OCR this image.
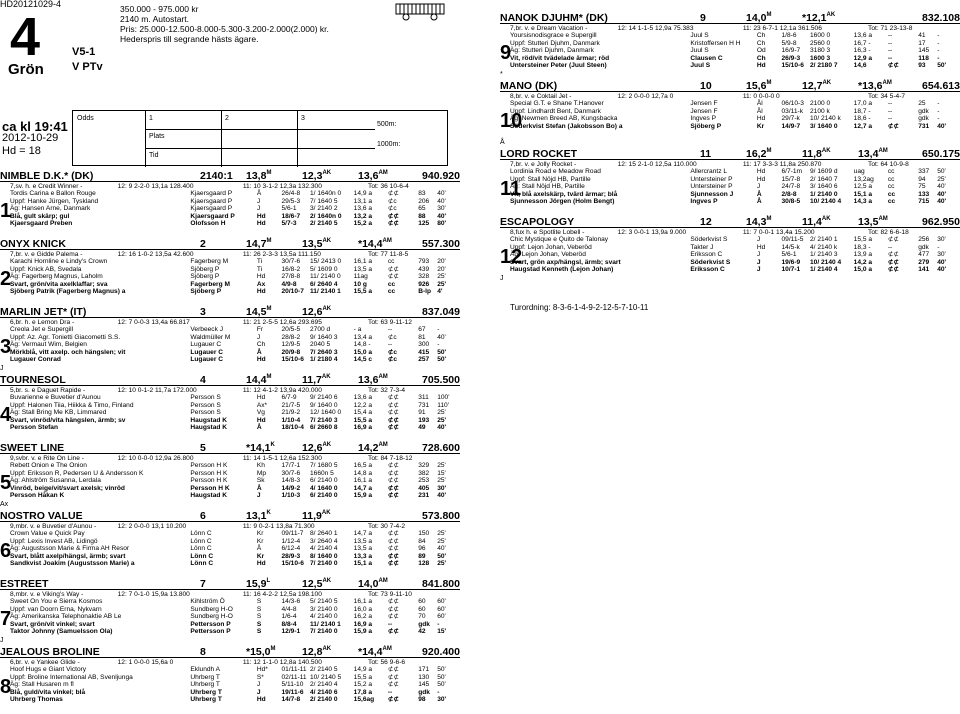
HD20121029-4
4
Grön
V5-1
V PTv
350.000 - 975.000 kr
2140 m. Autostart.
Pris: 25.000-12.500-8.000-5.300-3.200-2.000(2.000) kr.
Hederspris till segrande hästs ägare.
ca kl 19:41
2012-10-29
Hd = 18
Odds	1	2	3
Plats
Tid
500m:
1000m:
NIMBLE D.K.* (DK)	2140:1	13,8M	12,3AK	13,6AM	940.920
1
7,sv. h. e Credit Winner -	12: 9 2-2-0 13,1a 128.400	11: 10 3-1-2 12,3a 132.300	Tot: 36 10-6-4
Tordis Carina e Ballon Rouge	Kjaersgaard P	Å	26/4-8	1/ 1640n 0	14,9 a	⊄⊄	83	40'
Uppf: Hanke Jürgen, Tyskland	Kjaersgaard P	J	29/5-3	7/ 1640 5	13,1 a	⊄c	206	40'
Äg: Hansen Arne, Danmark	Kjaersgaard P	J	5/6-1	3/ 2140 2	13,6 a	⊄c	65	30'
Blå, gult skärp; gul	Kjaersgaard P	Hd	18/6-7	2/ 1640n 0	13,2 a	⊄⊄	88	40'
Kjaersgaard Preben	Olofsson H	Hd	5/7-3	2/ 2140 5	15,2 a	⊄⊄	125	80'
ONYX KNICK	2	14,7M	13,5AK	*14,4AM	557.300
2
7,br. v. e Gidde Palema -	12: 16 1-0-2 13,5a 42.600	11: 26 2-3-3 13,5a 111.150	Tot: 77 11-8-5
Karachi Hornline e Lindy's Crown	Fagerberg M	Ti	30/7-6	15/ 2413 0	16,1 a	cc	793	20'
Uppf: Knick AB, Svedala	Sjöberg P	Ti	16/8-2	5/ 1609 0	13,5 a	⊄⊄	439	20'
Äg: Fagerberg Magnus, Laholm	Sjöberg P	Hd	27/8-8	11/ 2140 0	11ag	⊄⊄	328	25'
Svart, grön/vita axelklaffar; sva	Fagerberg M	Ax	4/9-8	6/ 2640 4	10 g	cc	926	25'
Sjöberg Patrik (Fagerberg Magnus) a	Sjöberg P	Hd	20/10-7 11/ 2140 1	15,5 a	cc	B-lp 4'
MARLIN JET* (IT)	3	14,5M	12,6AK	837.049
3
J
6,br. h. e Lemon Dra -	12: 7 0-0-3 13,4a 66.817	11: 21 2-5-5 12,6a 293.695	Tot: 63 9-11-12
Creola Jet e Supergill	Verbeeck J	Fr	20/5-5	2700 d	- a	--	67	-
Uppf: Az. Agr. Tonietti Giacometti S.S.	Waldmüller M	J	28/8-2	9/ 1640 3	13,4 a	⊄c	81	40'
Äg: Vermaut Wim, Belgien	Lugauer C	Ch	12/9-5	2040 5	14,8 -	--	300	-
Mörkblå, vitt axelp. och hängslen; vit	Lugauer C	Å	20/9-8	7/ 2640 3	15,0 a	⊄c	415	50'
Lugauer Conrad	Lugauer C	Hd	15/10-6 1/ 2180 4	14,5 c	⊄c	257	50'
TOURNESOL	4	14,4M	11,7AK	13,6AM	705.500
4
5,br. s. e Daguet Rapide -	12: 10 0-1-2 11,7a 172.000	11: 12 4-1-2 13,9a 420.000	Tot: 32 7-3-4
Buvarienne e Buvetier d'Aunou	Persson S	Hd	6/7-9	9/ 2140 6	13,6 a	⊄⊄	311	100'
Uppf: Halonen Tiia, Hiikka & Timo, Finland	Persson S	Ax*	21/7-5	9/ 1640 0	12,2 a	⊄⊄	731	110'
Äg: Stall Bring Me KB, Limmared	Persson S	Vg	21/9-2	12/ 1640 0	15,4 a	⊄⊄	91	25'
Svart, vinröd/vita hängslen, ärmb; sv	Haugstad K	Hd	1/10-4	7/ 2140 3	15,5 a	⊄⊄	193	25'
Persson Stefan	Haugstad K	Å	18/10-4 6/ 2660 8	16,9 a	⊄⊄	49	40'
SWEET LINE	5	*14,1K	12,6AK	14,2AM	728.600
5
Ax
9,svbr. v. e Rite On Line -	12: 10 0-0-0 12,9a 26.800	11: 14 1-5-1 12,6a 152.300	Tot: 84 7-18-12
Rebett Onion e The Onion	Persson H K	Kh	17/7-1	7/ 1680 5	16,5 a	⊄⊄	329	25'
Uppf: Eriksson R, Pedersen U & Andersson K	Persson H K	Mp	30/7-6	1660n 5	14,8 a	⊄⊄	382	15'
Äg: Ahlström Susanna, Lerdala	Persson H K	Sk	14/8-3	6/ 2140 0	16,1 a	⊄⊄	253	25'
Vinröd, beige/vit/svart axelsk; vinröd	Persson H K	Å	14/9-2	4/ 1640 0	14,7 a	⊄⊄	405	30'
Persson Håkan K	Haugstad K	J	1/10-3	6/ 2140 0	15,9 a	⊄⊄	231	40'
NOSTRO VALUE	6	13,1K	11,9AK	573.800
6
9,mbr. v. e Buvetier d'Aunou -	12: 2 0-0-0 13,1 10.200	11: 9 0-2-1 13,8a 71.300	Tot: 30 7-4-2
Crown Value e Quick Pay	Lönn C	Kr	09/11-7	8/ 2640 1	14,7 a	⊄⊄	150	25'
Uppf: Lexis Invest AB, Lidingö	Lönn C	Kr	1/12-4	3/ 2640 4	13,5 a	⊄⊄	84	25'
Äg: Augustsson Marie & Firma AH Resor	Lönn C	Å	6/12-4	4/ 2140 4	13,5 a	⊄⊄	96	40'
Svart, blått axelp/hängsl, ärmb; svart	Lönn C	Kr	28/9-3	8/ 1640 0	13,3 a	⊄⊄	89	50'
Sandkvist Joakim (Augustsson Marie) a	Lönn C	Hd	15/10-6 7/ 2140 0	15,1 a	⊄⊄	128	25'
ESTREET	7	15,9L	12,5AK	14,0AM	841.800
7
J
8,mbr. v. e Viking's Way -	12: 7 0-1-0 15,9a 13.800	11: 16 4-2-2 12,5a 198.100	Tot: 73 9-11-10
Sweet On You e Sierra Kosmos	Kihlström Ö	S	14/3-6	5/ 2140 5	16,1 a	⊄⊄	60	60'
Uppf: van Doorn Erna, Nykvarn	Sundberg H-O	S	4/4-8	3/ 2140 0	16,0 a	⊄⊄	60	60'
Äg: Amerikanska Telephonaktie AB Le	Sundberg H-O	S	1/6-4	4/ 2140 0	16,2 a	⊄⊄	70	60'
Svart, grön/vit vinkel; svart	Pettersson P	S	8/8-4	11/ 2140 1	16,9 a	--	gdk	-
Taktor Johnny (Samuelsson Ola)	Pettersson P	S	12/9-1	7/ 2140 0	15,9 a	⊄⊄	42	15'
JEALOUS BROLINE	8	*15,0M	12,8AK	*14,4AM	920.400
8
6,br. v. e Yankee Glide -	12: 1 0-0-0 15,6a 0	11: 12 1-1-0 12,8a 140.500	Tot: 56 9-6-6
Hoof Hugs e Giant Victory	Eklundh A	Hd*	01/11-11 2/ 2140 5	14,9 a	⊄⊄	171	50'
Uppf: Broline International AB, Svenljunga	Uhrberg T	S*	02/11-11 10/ 2140 5	15,5 a	⊄⊄	130	50'
Äg: Stall Husaren m fl	Uhrberg T	J	5/11-10	2/ 2140 4	15,2 a	⊄⊄	145	50'
Blå, guld/vita vinkel; blå	Uhrberg T	J	19/11-6 4/ 2140 6	17,8 a	--	gdk	-
Uhrberg Thomas	Uhrberg T	Hd	14/7-8	2/ 2140 0	15,6ag	⊄⊄	98	30'
NANOK DJUHM* (DK)	9	14,0M	*12,1AK	832.108
9
*
7,br. v. e Dream Vacation -	12: 14 1-1-5 12,9a 75.383	11: 23 6-7-1 12,1a 361.506	Tot: 71 23-13-8
Yoursisnodisgrace e Supergill	Juul S	Ch	1/8-6	1600 0	13,6 a	--	41	-
Uppf: Stutteri Djuhm, Danmark	Kristoffersen H H	Ch	5/9-8	2560 0	16,7 -	--	17	-
Äg: Stutteri Djuhm, Danmark	Juul S	Od	16/9-7	3180 3	16,3 -	--	145	-
Vit, röd/vit tvädelade ärmar; röd	Clausen C	Ch	26/9-3	1600 3	12,9 a	--	118	-
Untersteiner Peter (Juul Steen)	Juul S	Hd	15/10-6 2/ 2180 7	14,6	⊄⊄	93	50'
MANO (DK)	10	15,6M	12,7AK	*13,6AM	654.613
10
Å
8,br. v. e Coktail Jet -	12: 2 0-0-0 12,7a 0	11: 0 0-0-0 0	Tot: 34 5-4-7
Special G.T. e Shane T.Hanover	Jensen F	Ål	06/10-3 2100 0	17,0 a	--	25	-
Uppf: Lindhardt Bent, Danmark	Jensen F	Ål	03/11-k	2100 k	18,7 -	--	gdk	-
Äg: Newmen Breed AB, Kungsbacka	Ingves P	Hd	29/7-k	10/ 2140 k	18,6 -	--	gdk	-
Söderkvist Stefan (Jakobsson Bo) a	Sjöberg P	Kr	14/9-7	3/ 1640 0	12,7 a	⊄⊄	731	40'
LORD ROCKET	11	16,2M	11,8AK	13,4AM	650.175
11
7,br. v. e Jolly Rocket -	12: 15 2-1-0 12,5a 110.000	11: 17 3-3-3 11,8a 250.870	Tot: 64 10-9-8
Lordinia Road e Meadow Road	Allercrantz L	Hd	6/7-1m	9/ 1609 d	uag	cc	337	50'
Uppf: Stall Nöjd HB, Partille	Untersteiner P	Hd	15/7-8	2/ 1640 7	13,2ag	cc	94	25'
Äg: Stall Nöjd HB, Partille	Untersteiner P	J	24/7-8	3/ 1640 6	12,5 a	cc	75	40'
Vit, blå axelskärp, tvärd ärmar; blå	Sjunnesson J	Å	2/8-8	1/ 2140 0	15,1 a	cc	133	40'
Sjunnesson Jörgen (Holm Bengt)	Ingves P	Å	30/8-5	10/ 2140 4	14,3 a	cc	715	40'
ESCAPOLOGY	12	14,3M	11,4AK	13,5AM	962.950
12
J
8,fux h. e Spotlite Lobell -	12: 3 0-0-1 13,9a 9.000	11: 7 0-0-1 13,4a 15.200	Tot: 82 6-6-18
Chic Mystique e Quito de Talonay	Söderkvist S	J	09/11-5	2/ 2140 1	15,5 a	⊄⊄	256	30'
Uppf: Lejon Johan, Veberöd	Takter J	Hd	14/5-k	4/ 2140 k	18,3 -	--	gdk	-
Äg: Lejon Johan, Veberöd	Eriksson C	J	5/6-1	1/ 2140 3	13,9 a	⊄⊄	477	30'
Svart, grön axp/hängsl, ärmb; svart	Söderkvist S	J	19/6-9	10/ 2140 4	14,2 a	⊄⊄	279	40'
Haugstad Kenneth (Lejon Johan)	Eriksson C	J	10/7-1	1/ 2140 4	15,0 a	⊄⊄	141	40'
Turordning: 8-3-6-1-4-9-2-12-5-7-10-11
